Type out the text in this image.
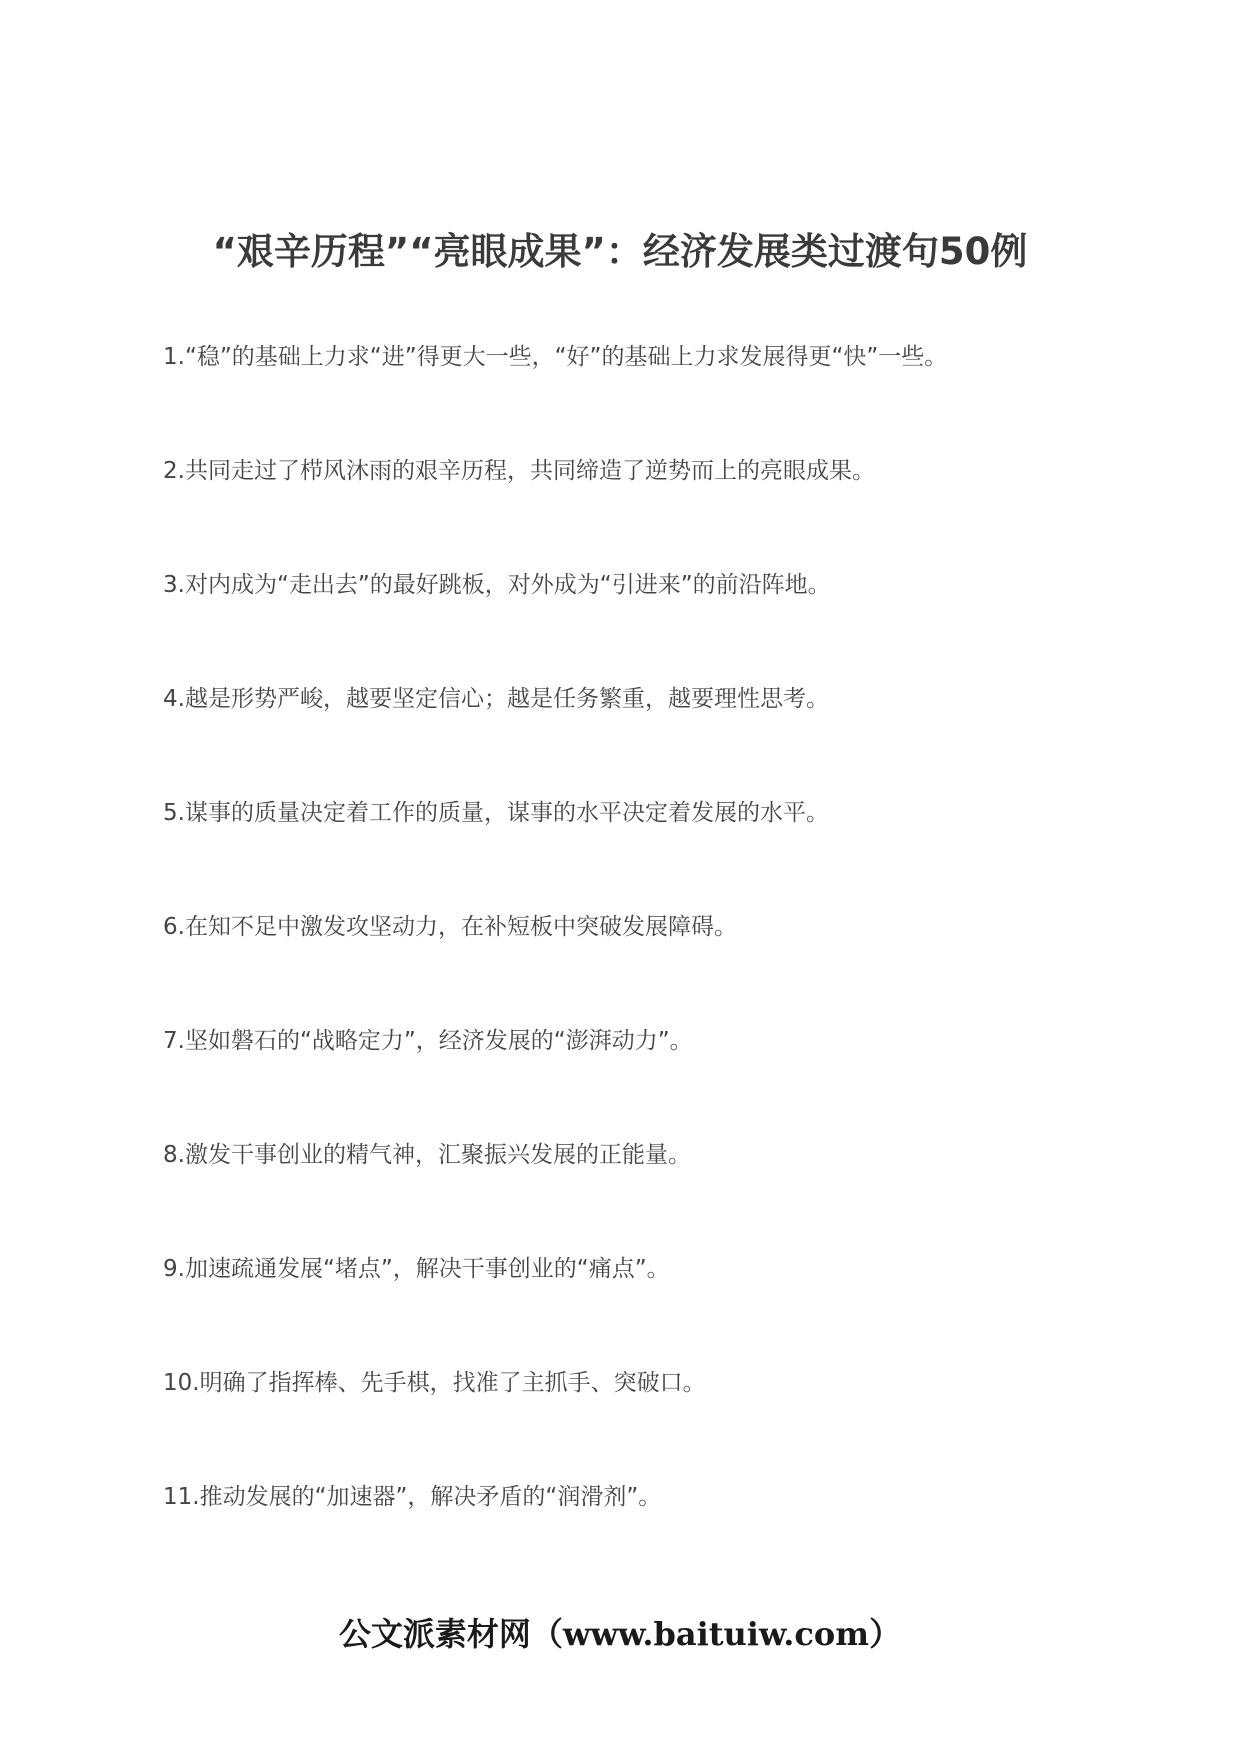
“艰辛历程”“亮眼成果”：经济发展类过渡句50例
1.“稳”的基础上力求“进”得更大一些，“好”的基础上力求发展得更“快”一些。
2.共同走过了栉风沐雨的艰辛历程，共同缔造了逆势而上的亮眼成果。
3.对内成为“走出去”的最好跳板，对外成为“引进来”的前沿阵地。
4.越是形势严峻，越要坚定信心；越是任务繁重，越要理性思考。
5.谋事的质量决定着工作的质量，谋事的水平决定着发展的水平。
6.在知不足中激发攻坚动力，在补短板中突破发展障碍。
7.坚如磐石的“战略定力”，经济发展的“澎湃动力”。
8.激发干事创业的精气神，汇聚振兴发展的正能量。
9.加速疏通发展“堵点”，解决干事创业的“痛点”。
10.明确了指挥棒、先手棋，找准了主抓手、突破口。
11.推动发展的“加速器”，解决矛盾的“润滑剂”。
公文派素材网（www.baituiw.com）
